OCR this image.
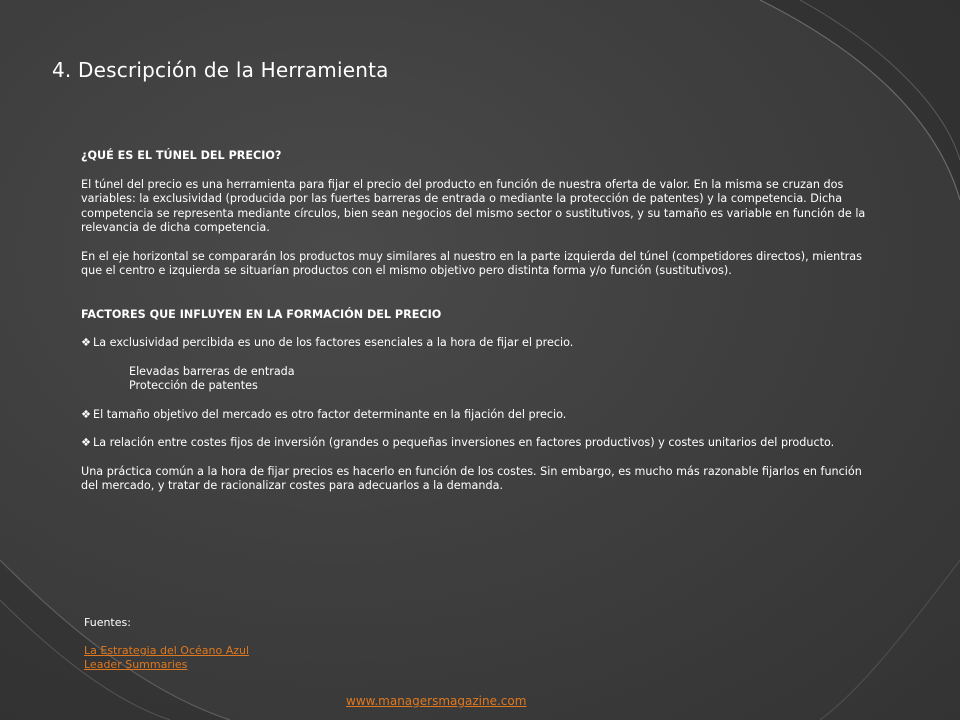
4. Descripción de la Herramienta

¿QUÉ ES EL TÚNEL DEL PRECIO?

El túnel del precio es una herramienta para fijar el precio del producto en función de nuestra oferta de valor. En la misma se cruzan dos variables: la exclusividad (producida por las fuertes barreras de entrada o mediante la protección de patentes) y la competencia. Dicha competencia se representa mediante círculos, bien sean negocios del mismo sector o sustitutivos, y su tamaño es variable en función de la relevancia de dicha competencia.

En el eje horizontal se compararán los productos muy similares al nuestro en la parte izquierda del túnel (competidores directos), mientras que el centro e izquierda se situarían productos con el mismo objetivo pero distinta forma y/o función (sustitutivos).

FACTORES QUE INFLUYEN EN LA FORMACIÓN DEL PRECIO

❖ La exclusividad percibida es uno de los factores esenciales a la hora de fijar el precio.

Elevadas barreras de entrada

Protección de patentes

❖ El tamaño objetivo del mercado es otro factor determinante en la fijación del precio.

❖ La relación entre costes fijos de inversión (grandes o pequeñas inversiones en factores productivos) y costes unitarios del producto.

Una práctica común a la hora de fijar precios es hacerlo en función de los costes. Sin embargo, es mucho más razonable fijarlos en función del mercado, y tratar de racionalizar costes para adecuarlos a la demanda.

Fuentes:
La Estrategia del Océano Azul
Leader Summaries
www.managersmagazine.com
